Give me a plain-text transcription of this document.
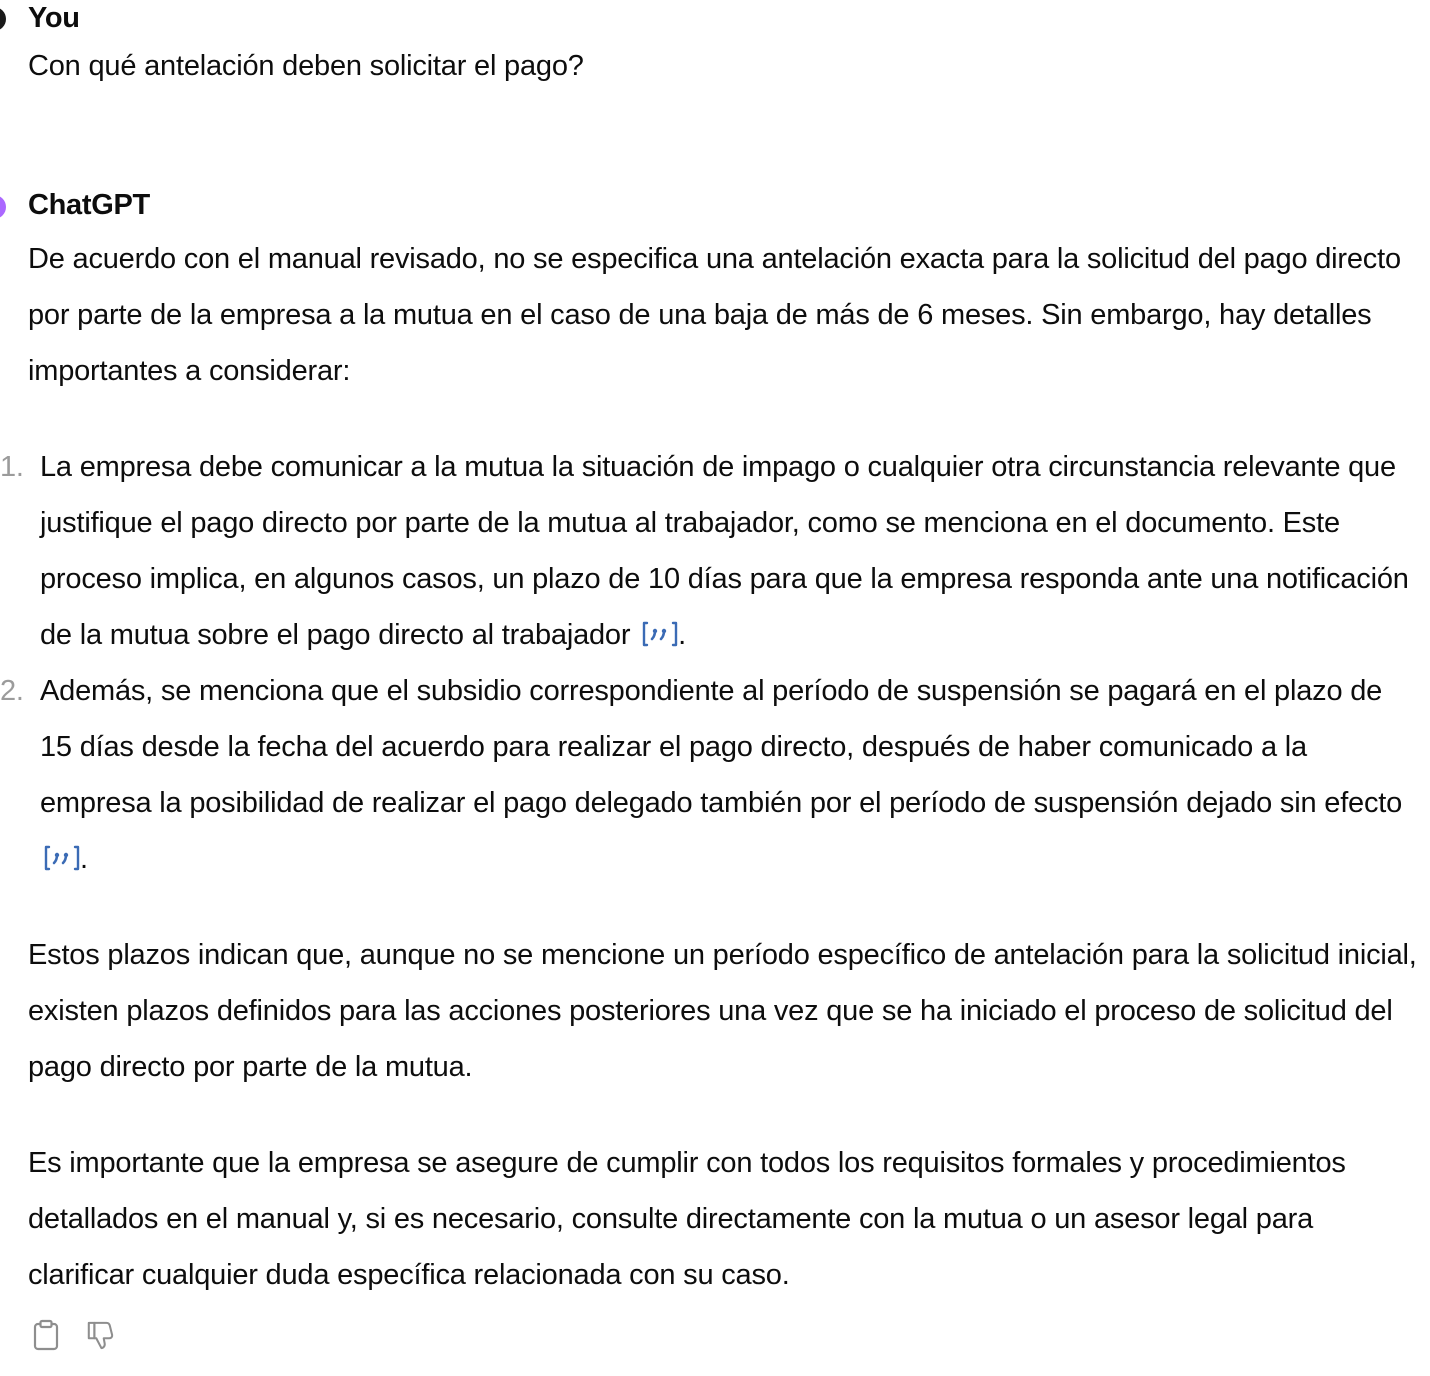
You

Con qué antelación deben solicitar el pago?

ChatGPT

De acuerdo con el manual revisado, no se especifica una antelación exacta para la solicitud del pago directo por parte de la empresa a la mutua en el caso de una baja de más de 6 meses. Sin embargo, hay detalles importantes a considerar:

1. La empresa debe comunicar a la mutua la situación de impago o cualquier otra circunstancia relevante que justifique el pago directo por parte de la mutua al trabajador, como se menciona en el documento. Este proceso implica, en algunos casos, un plazo de 10 días para que la empresa responda ante una notificación de la mutua sobre el pago directo al trabajador .
2. Además, se menciona que el subsidio correspondiente al período de suspensión se pagará en el plazo de 15 días desde la fecha del acuerdo para realizar el pago directo, después de haber comunicado a la empresa la posibilidad de realizar el pago delegado también por el período de suspensión dejado sin efecto
.

Estos plazos indican que, aunque no se mencione un período específico de antelación para la solicitud inicial, existen plazos definidos para las acciones posteriores una vez que se ha iniciado el proceso de solicitud del pago directo por parte de la mutua.

Es importante que la empresa se asegure de cumplir con todos los requisitos formales y procedimientos detallados en el manual y, si es necesario, consulte directamente con la mutua o un asesor legal para clarificar cualquier duda específica relacionada con su caso.
